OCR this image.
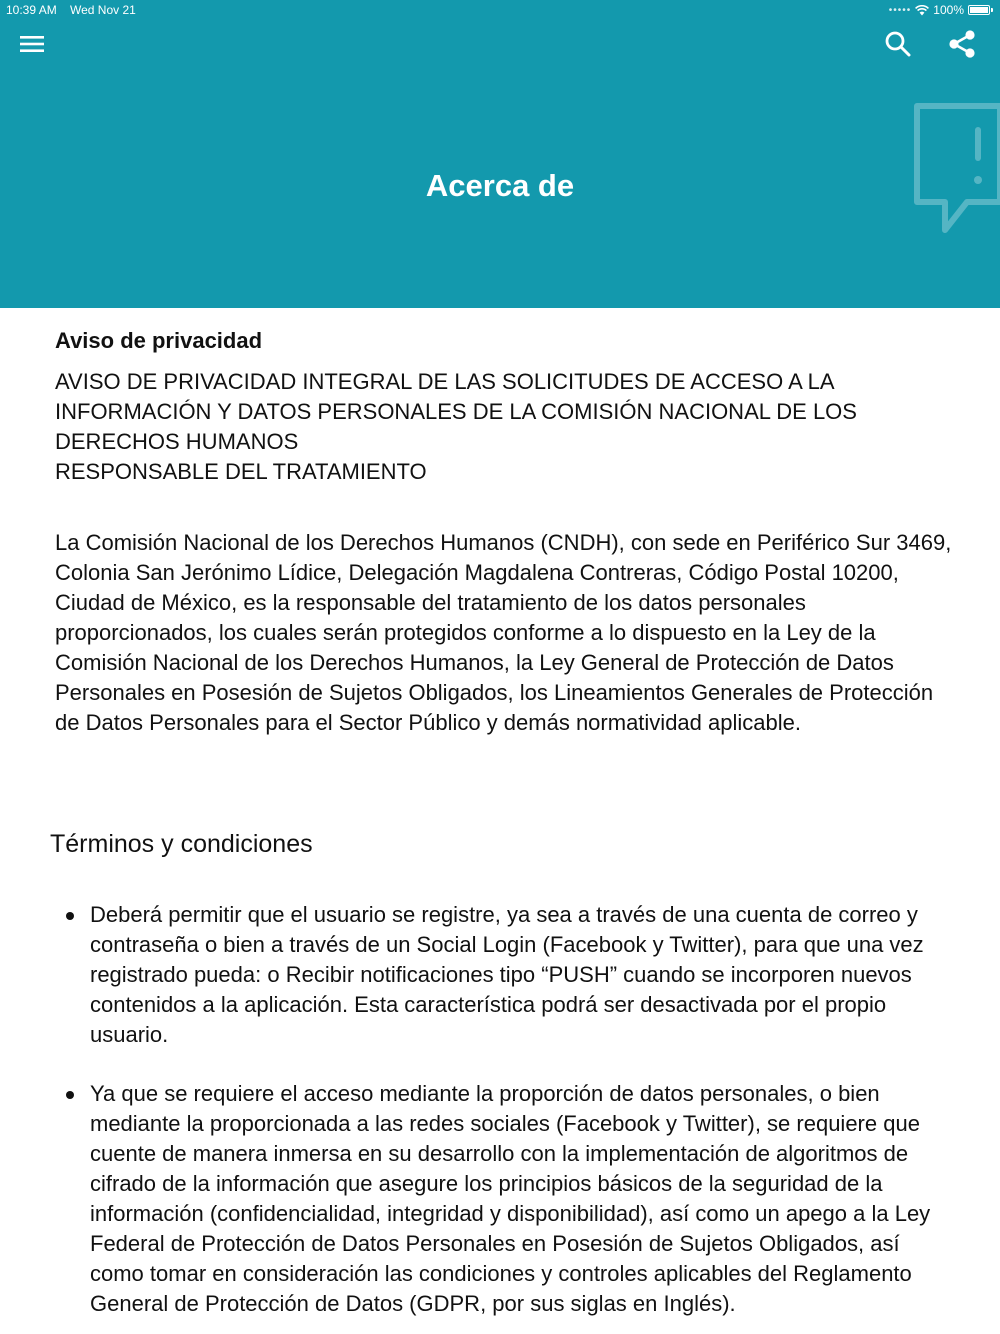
10:39 AM Wed Nov 21	••••• 100%
Acerca de
Aviso de privacidad
AVISO DE PRIVACIDAD INTEGRAL DE LAS SOLICITUDES DE ACCESO A LA
INFORMACIÓN Y DATOS PERSONALES DE LA COMISIÓN NACIONAL DE LOS
DERECHOS HUMANOS
RESPONSABLE DEL TRATAMIENTO

La Comisión Nacional de los Derechos Humanos (CNDH), con sede en Periférico Sur 3469, Colonia San Jerónimo Lídice, Delegación Magdalena Contreras, Código Postal 10200, Ciudad de México, es la responsable del tratamiento de los datos personales proporcionados, los cuales serán protegidos conforme a lo dispuesto en la Ley de la Comisión Nacional de los Derechos Humanos, la Ley General de Protección de Datos Personales en Posesión de Sujetos Obligados, los Lineamientos Generales de Protección de Datos Personales para el Sector Público y demás normatividad aplicable.

Términos y condiciones
Deberá permitir que el usuario se registre, ya sea a través de una cuenta de correo y contraseña o bien a través de un Social Login (Facebook y Twitter), para que una vez registrado pueda: o Recibir notificaciones tipo “PUSH” cuando se incorporen nuevos contenidos a la aplicación. Esta característica podrá ser desactivada por el propio usuario.
Ya que se requiere el acceso mediante la proporción de datos personales, o bien mediante la proporcionada a las redes sociales (Facebook y Twitter), se requiere que cuente de manera inmersa en su desarrollo con la implementación de algoritmos de cifrado de la información que asegure los principios básicos de la seguridad de la información (confidencialidad, integridad y disponibilidad), así como un apego a la Ley Federal de Protección de Datos Personales en Posesión de Sujetos Obligados, así como tomar en consideración las condiciones y controles aplicables del Reglamento General de Protección de Datos (GDPR, por sus siglas en Inglés).
